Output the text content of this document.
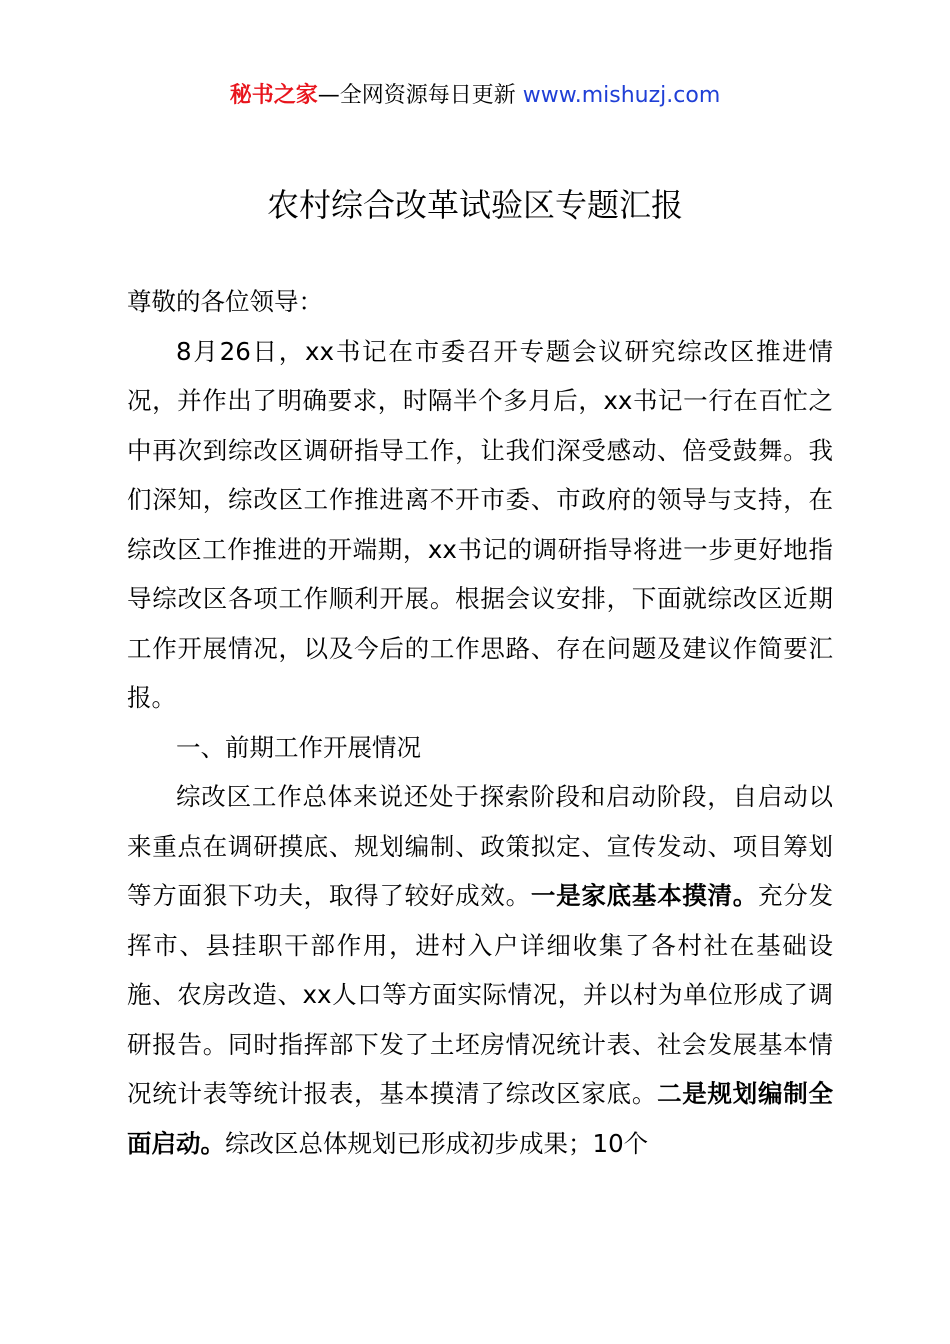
秘书之家—全网资源每日更新 www.mishuzj.com
农村综合改革试验区专题汇报

尊敬的各位领导：

8月26日，xx书记在市委召开专题会议研究综改区推进情况，并作出了明确要求，时隔半个多月后，xx书记一行在百忙之中再次到综改区调研指导工作，让我们深受感动、倍受鼓舞。我们深知，综改区工作推进离不开市委、市政府的领导与支持，在综改区工作推进的开端期，xx书记的调研指导将进一步更好地指导综改区各项工作顺利开展。根据会议安排，下面就综改区近期工作开展情况，以及今后的工作思路、存在问题及建议作简要汇报。

一、前期工作开展情况

综改区工作总体来说还处于探索阶段和启动阶段，自启动以来重点在调研摸底、规划编制、政策拟定、宣传发动、项目筹划等方面狠下功夫，取得了较好成效。一是家底基本摸清。充分发挥市、县挂职干部作用，进村入户详细收集了各村社在基础设施、农房改造、xx人口等方面实际情况，并以村为单位形成了调研报告。同时指挥部下发了土坯房情况统计表、社会发展基本情况统计表等统计报表，基本摸清了综改区家底。二是规划编制全面启动。综改区总体规划已形成初步成果；10个
